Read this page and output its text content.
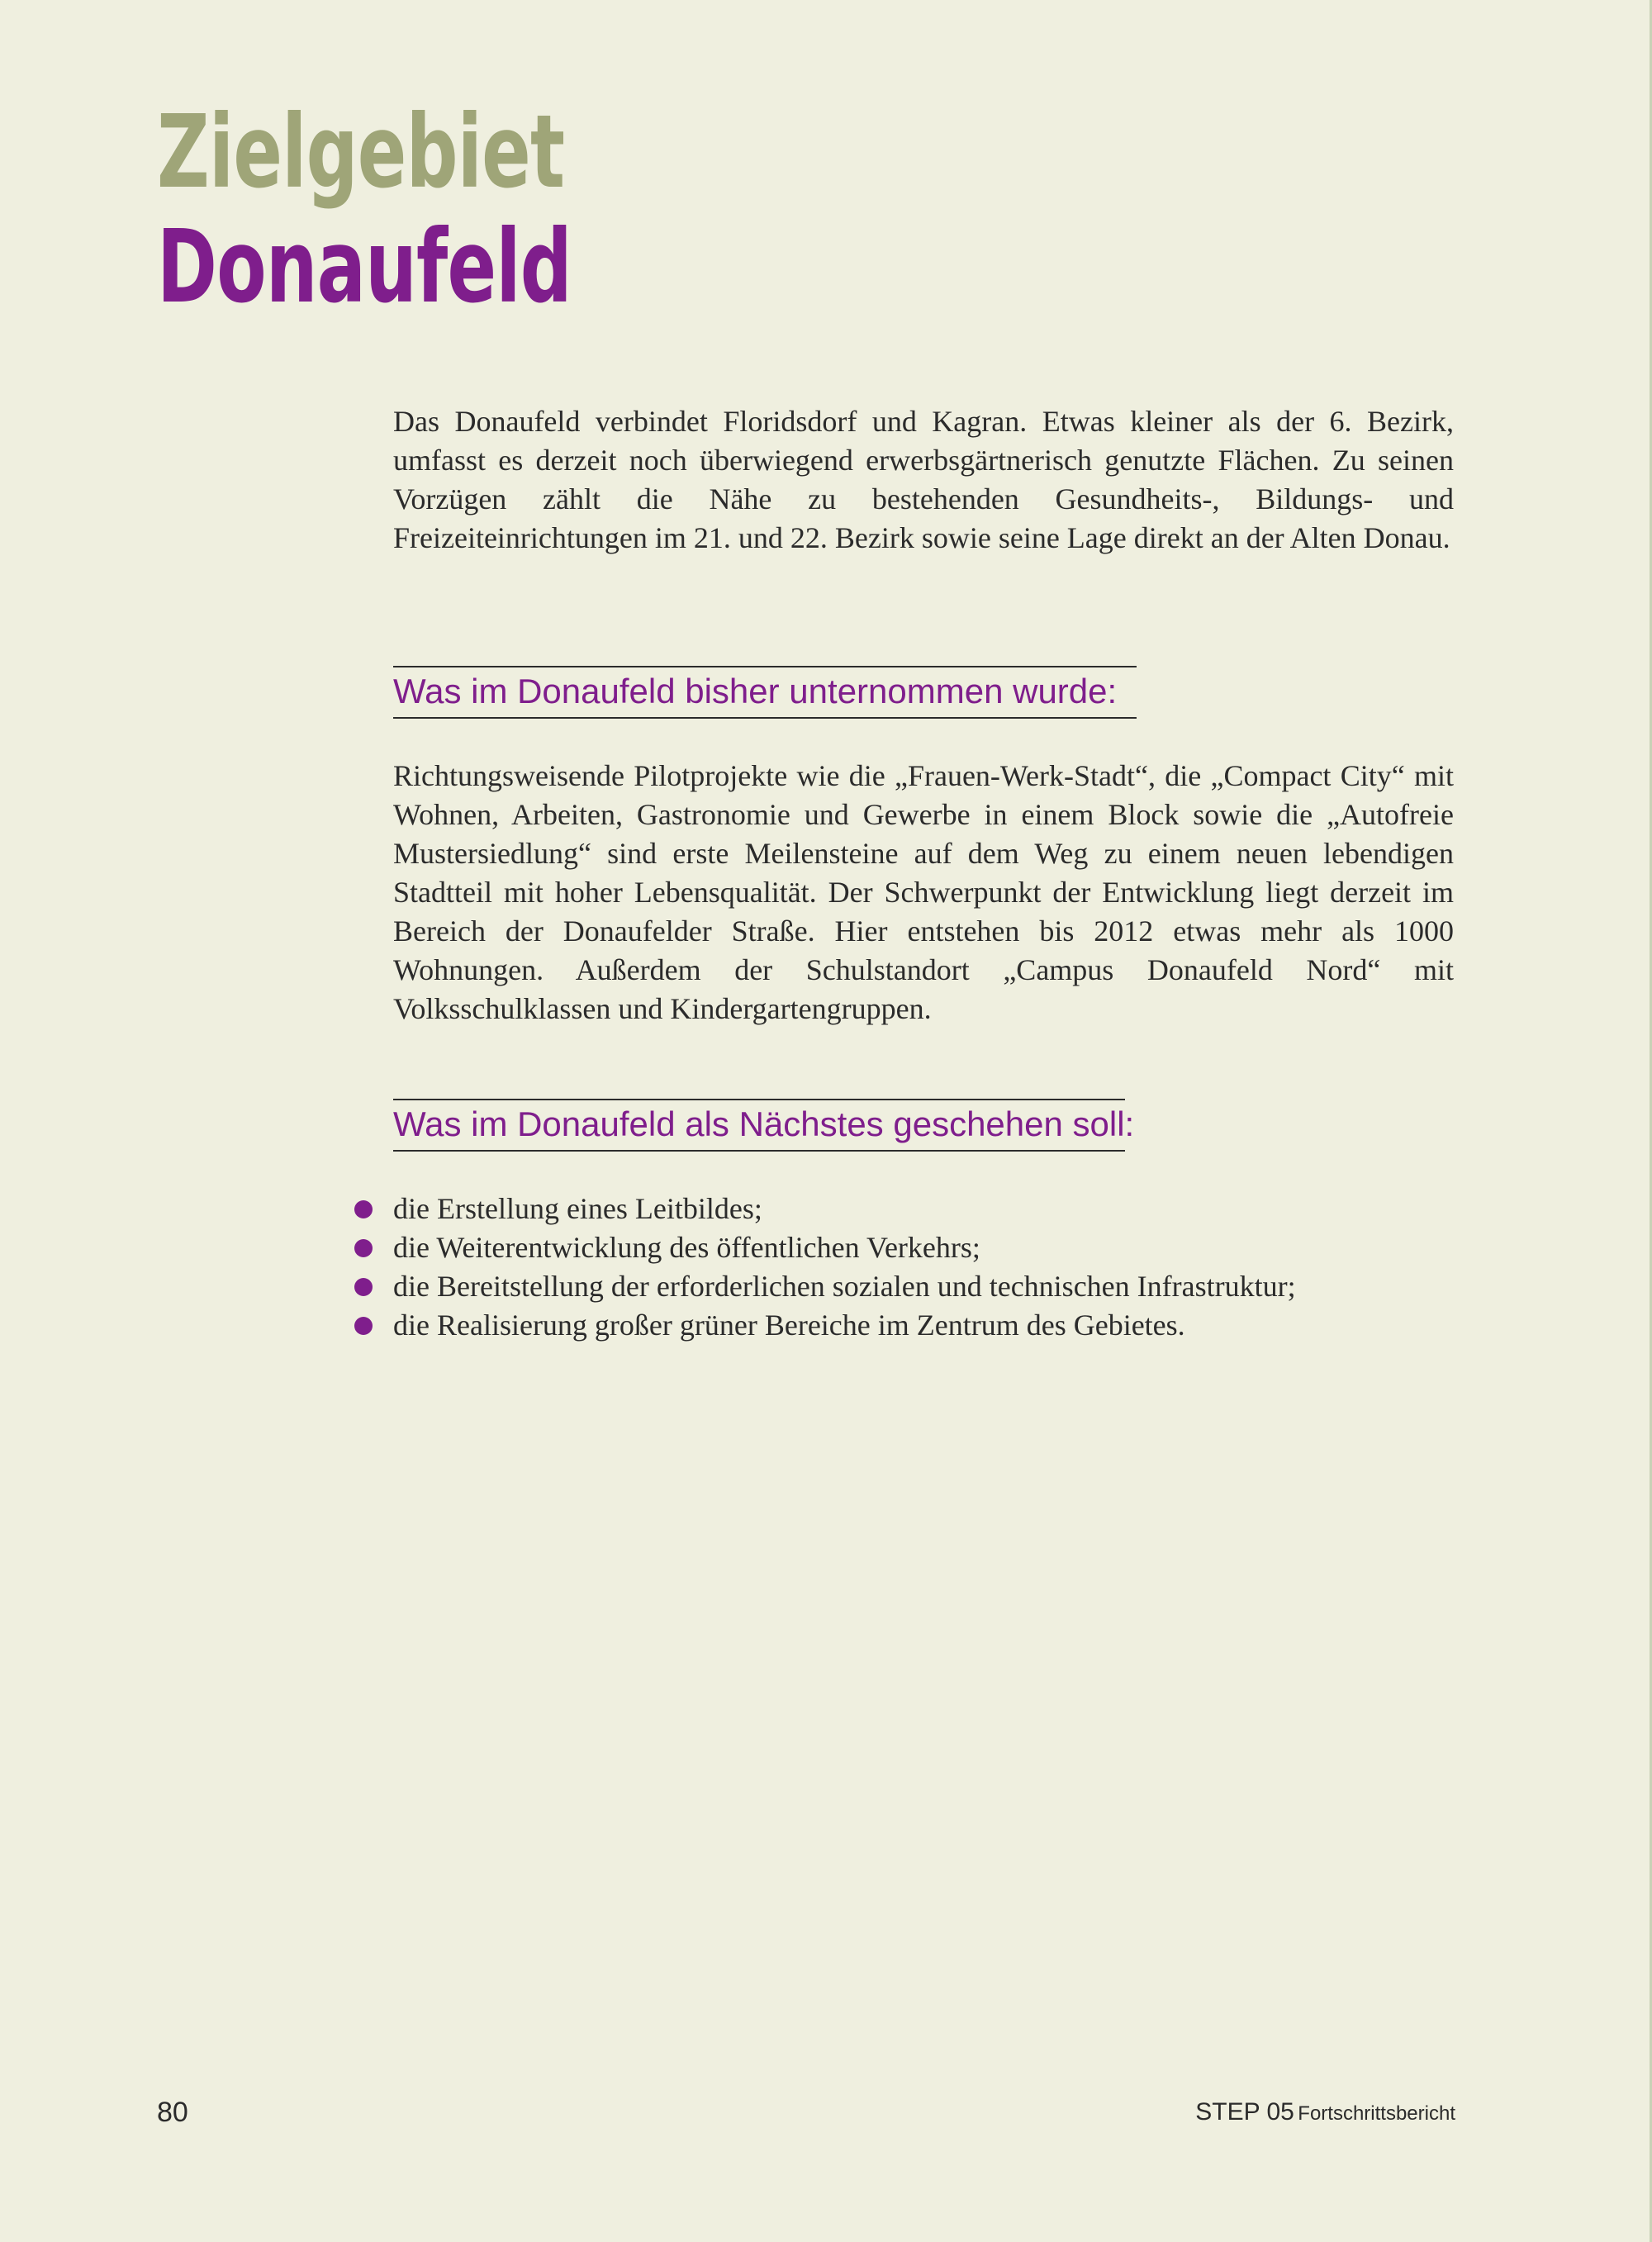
Zielgebiet
Donaufeld

Das Donaufeld verbindet Floridsdorf und Kagran. Etwas kleiner als der 6. Bezirk, umfasst es derzeit noch überwiegend erwerbsgärtnerisch genutzte Flächen. Zu seinen Vorzügen zählt die Nähe zu bestehenden Gesundheits-, Bildungs- und Freizeiteinrichtungen im 21. und 22. Bezirk sowie seine Lage direkt an der Alten Donau.

Was im Donaufeld bisher unternommen wurde:

Richtungsweisende Pilotprojekte wie die „Frauen-Werk-Stadt“, die „Compact City“ mit Wohnen, Arbeiten, Gastronomie und Gewerbe in einem Block sowie die „Autofreie Mustersiedlung“ sind erste Meilensteine auf dem Weg zu einem neuen lebendigen Stadtteil mit hoher Lebensqualität. Der Schwerpunkt der Entwicklung liegt derzeit im Bereich der Donaufelder Straße. Hier entstehen bis 2012 etwas mehr als 1000 Wohnungen. Außerdem der Schulstandort „Campus Donaufeld Nord“ mit Volksschulklassen und Kindergartengruppen.

Was im Donaufeld als Nächstes geschehen soll:
die Erstellung eines Leitbildes;
die Weiterentwicklung des öffentlichen Verkehrs;
die Bereitstellung der erforderlichen sozialen und technischen Infrastruktur;
die Realisierung großer grüner Bereiche im Zentrum des Gebietes.
80	STEP 05 Fortschrittsbericht
